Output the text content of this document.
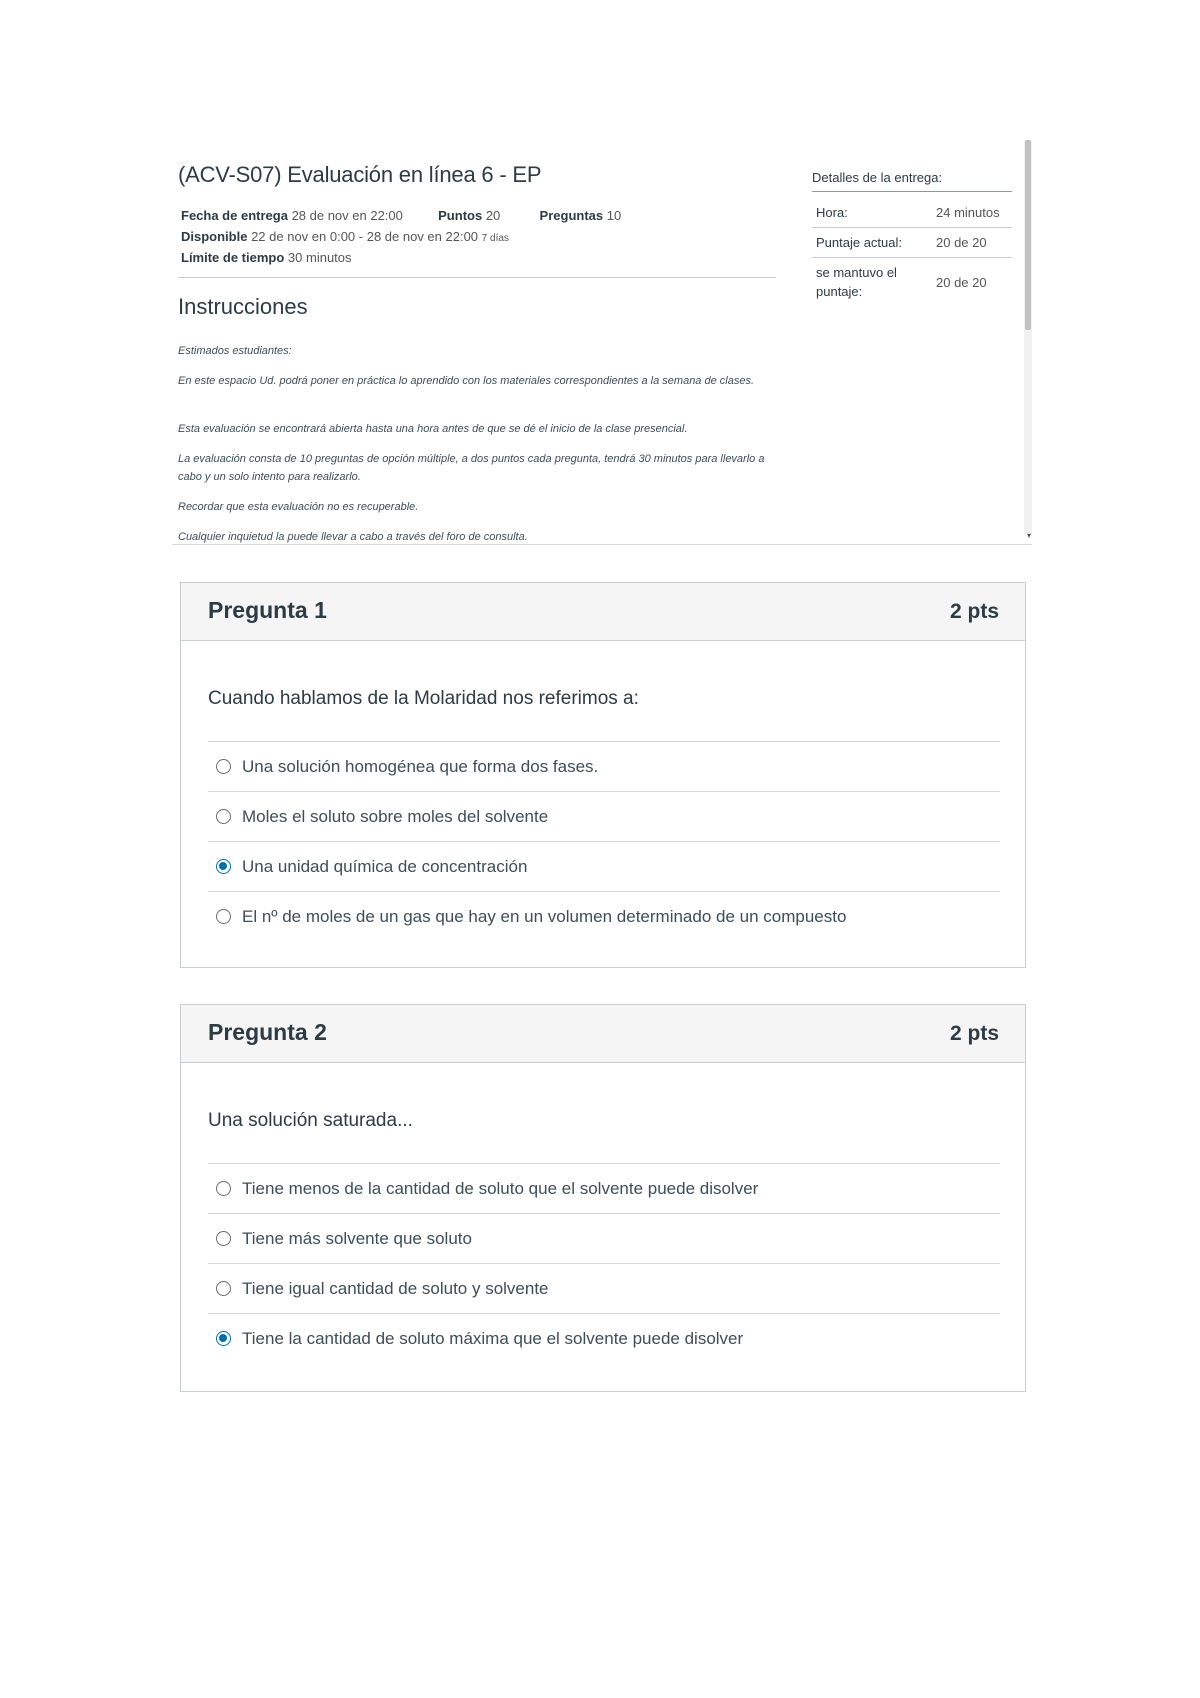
(ACV-S07) Evaluación en línea 6 - EP
Fecha de entrega 28 de nov en 22:00	Puntos 20	Preguntas 10
Disponible 22 de nov en 0:00 - 28 de nov en 22:00 7 días
Límite de tiempo 30 minutos
Instrucciones

Estimados estudiantes:

En este espacio Ud. podrá poner en práctica lo aprendido con los materiales correspondientes a la semana de clases.

Esta evaluación se encontrará abierta hasta una hora antes de que se dé el inicio de la clase presencial.

La evaluación consta de 10 preguntas de opción múltiple, a dos puntos cada pregunta, tendrá 30 minutos para llevarlo a cabo y un solo intento para realizarlo.

Recordar que esta evaluación no es recuperable.

Cualquier inquietud la puede llevar a cabo a través del foro de consulta.

Detalles de la entrega:

Hora:	24 minutos
Puntaje actual:	20 de 20
se mantuvo el puntaje:	20 de 20
▾
Pregunta 1	2 pts

Cuando hablamos de la Molaridad nos referimos a:

Una solución homogénea que forma dos fases.
Moles el soluto sobre moles del solvente
Una unidad química de concentración
El nº de moles de un gas que hay en un volumen determinado de un compuesto
Pregunta 2	2 pts

Una solución saturada...

Tiene menos de la cantidad de soluto que el solvente puede disolver
Tiene más solvente que soluto
Tiene igual cantidad de soluto y solvente
Tiene la cantidad de soluto máxima que el solvente puede disolver
